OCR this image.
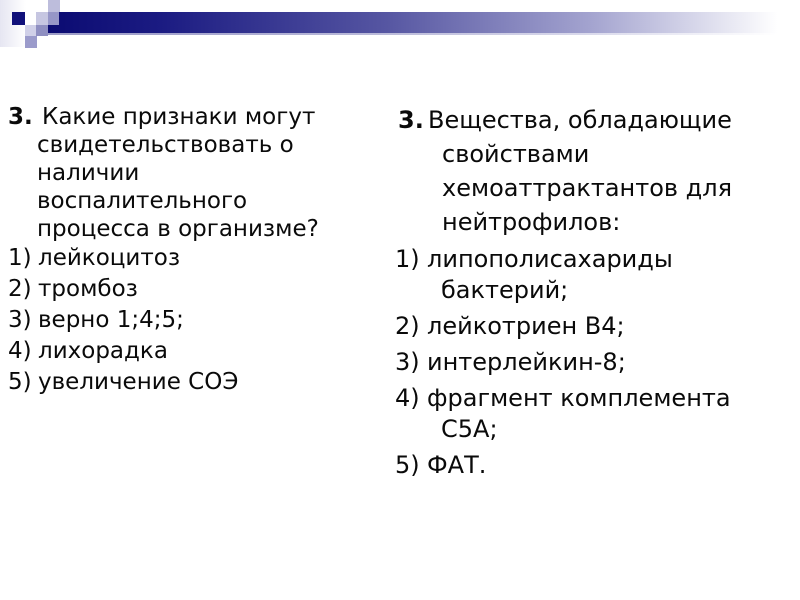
3. Какие признаки могут
свидетельствовать о
наличии
воспалительного
процесса в организме?
1) лейкоцитоз
2) тромбоз
3) верно 1;4;5;
4) лихорадка
5) увеличение СОЭ
3. Вещества, обладающие
свойствами
хемоаттрактантов для
нейтрофилов:
1) липополисахариды
бактерий;
2) лейкотриен В4;
3) интерлейкин-8;
4) фрагмент комплемента
С5А;
5) ФАТ.
